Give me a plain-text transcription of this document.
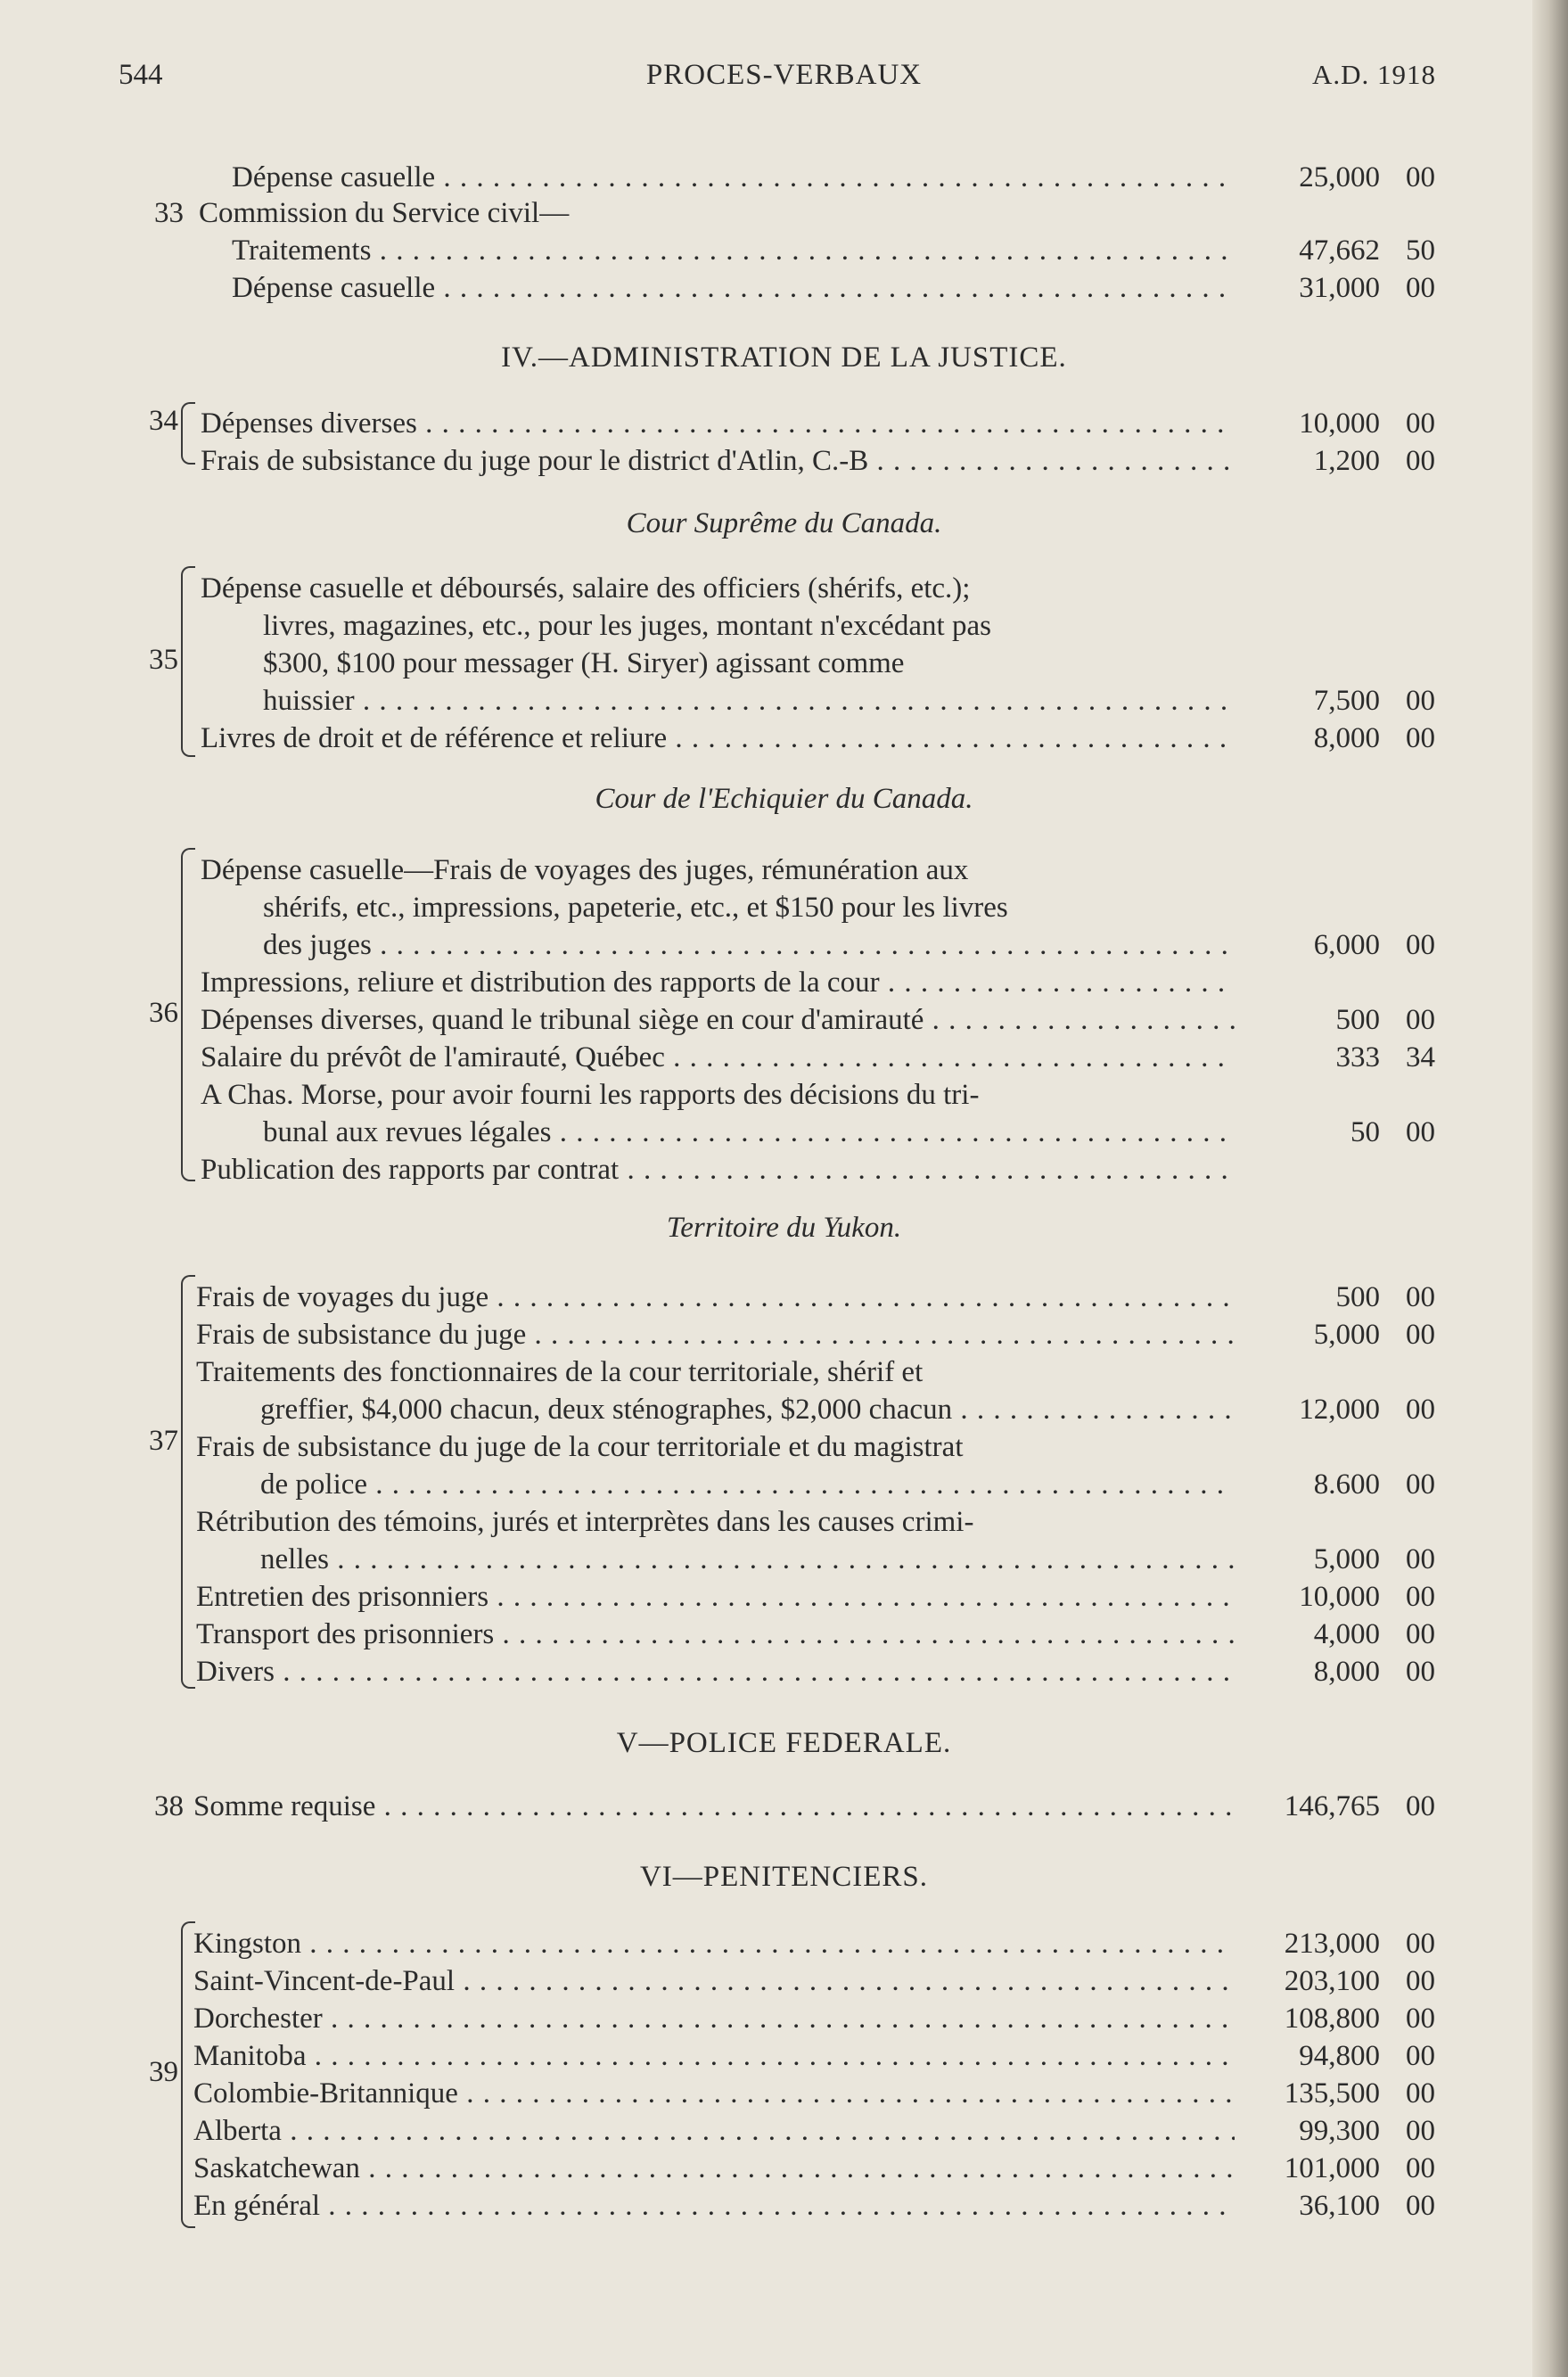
544	PROCES-VERBAUX	A.D. 1918
IV.—ADMINISTRATION DE LA JUSTICE.
Cour Suprême du Canada.
Cour de l'Echiquier du Canada.
Territoire du Yukon.
V—POLICE FEDERALE.
VI—PENITENCIERS.
34
35
36
37
39
Dépense casuelle . . .	25,000 00
33 Commission du Service civil—
Traitements . . .	47,662 50
Dépense casuelle . . .	31,000 00
Dépenses diverses . . .	10,000 00
Frais de subsistance du juge pour le district d'Atlin, C.-B . . .	1,200 00
Dépense casuelle et déboursés, salaire des officiers (shérifs, etc.);
livres, magazines, etc., pour les juges, montant n'excédant pas
$300, $100 pour messager (H. Siryer) agissant comme
huissier . . .	7,500 00
Livres de droit et de référence et reliure . . .	8,000 00
Dépense casuelle—Frais de voyages des juges, rémunération aux
shérifs, etc., impressions, papeterie, etc., et $150 pour les livres
des juges . . .	6,000 00
Impressions, reliure et distribution des rapports de la cour . . .
Dépenses diverses, quand le tribunal siège en cour d'amirauté . . .	500 00
Salaire du prévôt de l'amirauté, Québec . . .	333 34
A Chas. Morse, pour avoir fourni les rapports des décisions du tri-
bunal aux revues légales . . .	50 00
Publication des rapports par contrat . . .
Frais de voyages du juge . . .	500 00
Frais de subsistance du juge . . .	5,000 00
Traitements des fonctionnaires de la cour territoriale, shérif et
greffier, $4,000 chacun, deux sténographes, $2,000 chacun . . .	12,000 00
Frais de subsistance du juge de la cour territoriale et du magistrat
de police . . .	8.600 00
Rétribution des témoins, jurés et interprètes dans les causes crimi-
nelles . . .	5,000 00
Entretien des prisonniers . . .	10,000 00
Transport des prisonniers . . .	4,000 00
Divers . . .	8,000 00
38 Somme requise . . .	146,765 00
Kingston . . .	213,000 00
Saint-Vincent-de-Paul . . .	203,100 00
Dorchester . . .	108,800 00
Manitoba . . .	94,800 00
Colombie-Britannique . . .	135,500 00
Alberta . . .	99,300 00
Saskatchewan . . .	101,000 00
En général . . .	36,100 00
